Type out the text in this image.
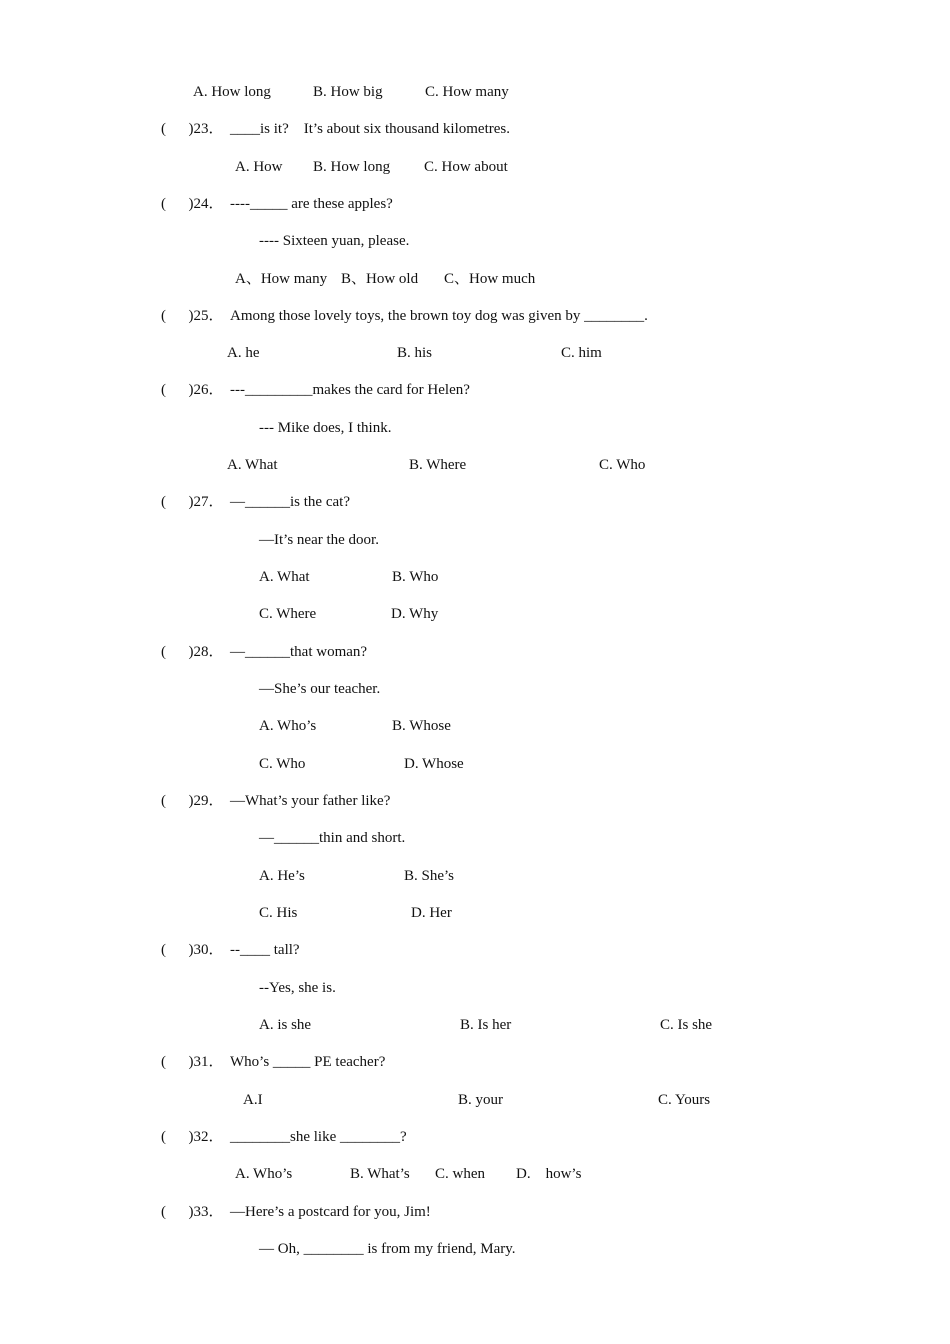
A. How long	B. How big	C. How many
(      )23． ____is it?    It’s about six thousand kilometres.
A. How B. How long C. How about
(      )24． ----_____ are these apples?
---- Sixteen yuan, please.
A、How many B、How old C、How much
(      )25． Among those lovely toys, the brown toy dog was given by ________.
A. he	B. his	C. him
(      )26． ---_________makes the card for Helen?
--- Mike does, I think.
A. What	B. Where	C. Who
(      )27． —______is the cat?
—It’s near the door.
A. What	B. Who
C. Where	D. Why
(      )28． —______that woman?
—She’s our teacher.
A. Who’s	B. Whose
C. Who	D. Whose
(      )29． —What’s your father like?
—______thin and short.
A. He’s	B. She’s
C. His	D. Her
(      )30． --____ tall?
--Yes, she is.
A. is she	B. Is her	C. Is she
(      )31． Who’s _____ PE teacher?
A.I	B. your	C. Yours
(      )32． ________she like ________?
A. Who’s	B. What’s C. when D.    how’s
(      )33． —Here’s a postcard for you, Jim!
— Oh, ________ is from my friend, Mary.
